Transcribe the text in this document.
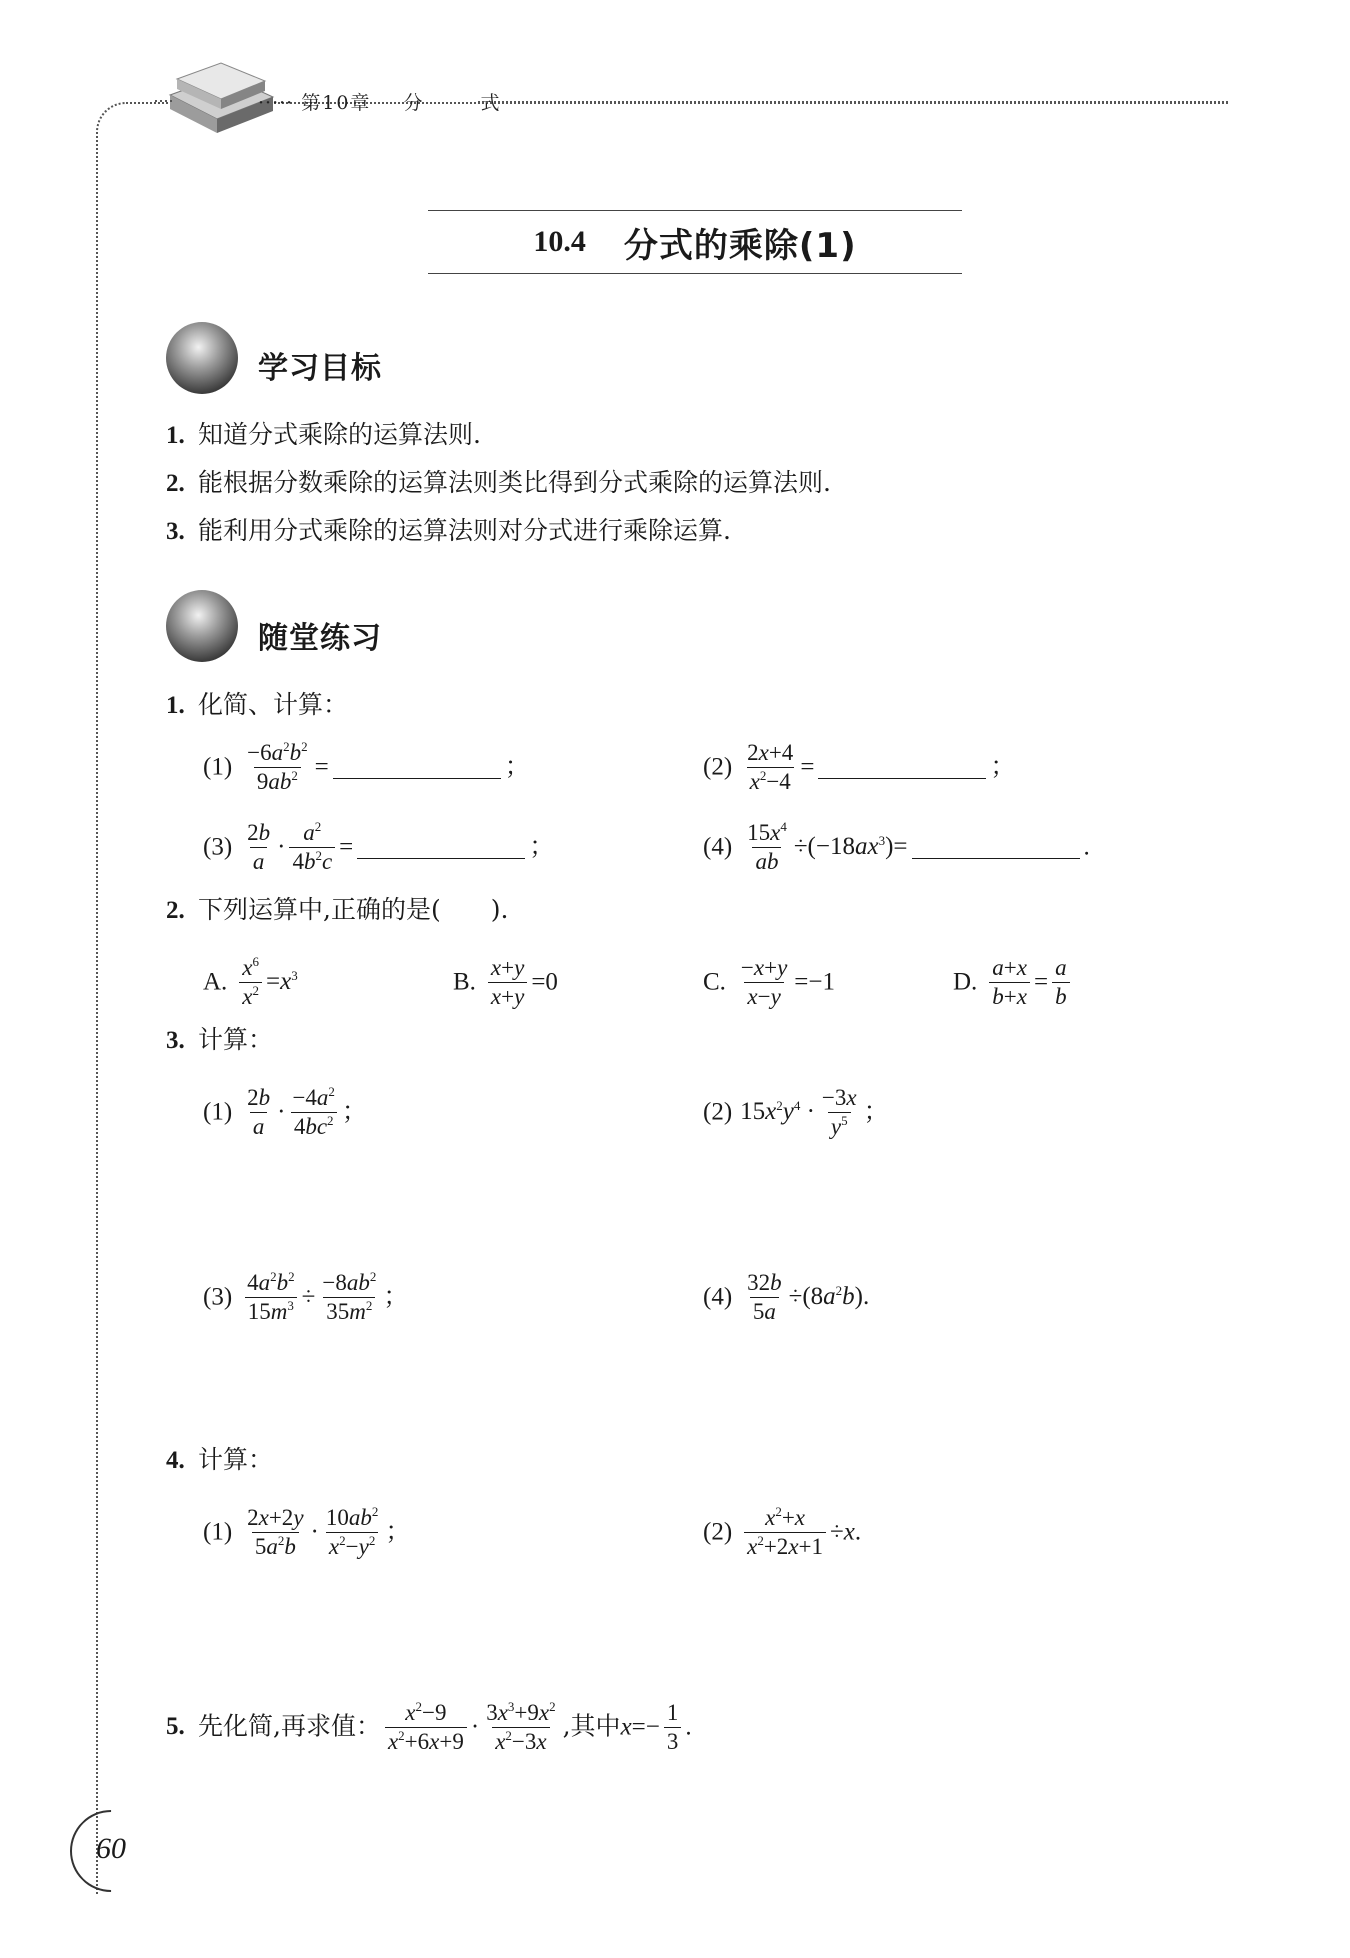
····· 第10章 分	式
10.4 分式的乘除(1)
学习目标
1. 知道分式乘除的运算法则.
2. 能根据分数乘除的运算法则类比得到分式乘除的运算法则.
3. 能利用分式乘除的运算法则对分式进行乘除运算.
随堂练习
1. 化简、计算：
$(1) \frac{-6a^2b^2}{9ab^2}$ =	；	$(2) \frac{2x+4}{x^2-4}$ =	；
$(3) \frac{2b}{a} \cdot \frac{a^2}{4b^2c}$ =	；	$(4) \frac{15x^4}{ab} \div(-18ax^3)=$	.
2. 下列运算中,正确的是(　　).
A. $\frac{x^6}{x^2} =x^3$	B. $\frac{x+y}{x+y} =0$	C. $\frac{-x+y}{x-y} =-1$	D. $\frac{a+x}{b+x} = \frac{a}{b}$
3. 计算：
$(1) \frac{2b}{a} \cdot \frac{-4a^2}{4bc^2}$ ；	(2) $15x^2y^4 \cdot \frac{-3x}{y^5}$ ；
$(3) \frac{4a^2b^2}{15m^3} \div \frac{-8ab^2}{35m^2}$ ；	$(4) \frac{32b}{5a} \div(8a^2b)$.
4. 计算：
$(1) \frac{2x+2y}{5a^2b} \cdot \frac{10ab^2}{x^2-y^2}$ ；	$(2) \frac{x^2+x}{x^2+2x+1} \div x$.
5. 先化简,再求值： $\frac{x^2-9}{x^2+6x+9} \cdot \frac{3x^3+9x^2}{x^2-3x}$ ,其中$x=- \frac{1}{3}$ .
60
